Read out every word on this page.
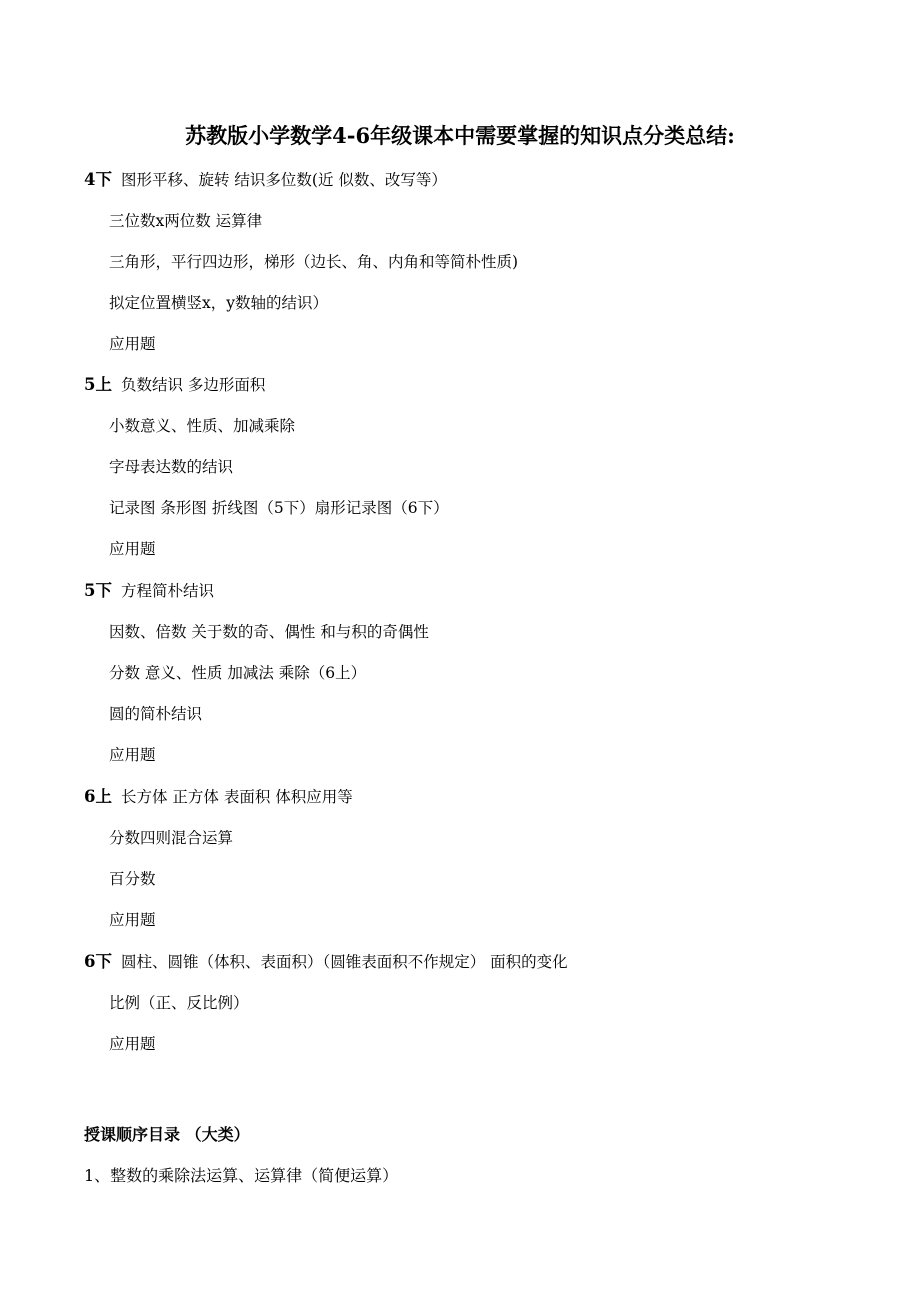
苏教版小学数学4-6年级课本中需要掌握的知识点分类总结:
4下 图形平移、旋转 结识多位数(近 似数、改写等）
三位数x两位数 运算律
三角形，平行四边形，梯形（边长、角、内角和等简朴性质)
拟定位置横竖x，y数轴的结识）
应用题
5上 负数结识 多边形面积
小数意义、性质、加减乘除
字母表达数的结识
记录图 条形图 折线图（5下）扇形记录图（6下）
应用题
5下 方程简朴结识
因数、倍数 关于数的奇、偶性 和与积的奇偶性
分数 意义、性质 加减法 乘除（6上）
圆的简朴结识
应用题
6上 长方体 正方体 表面积 体积应用等
分数四则混合运算
百分数
应用题
6下 圆柱、圆锥（体积、表面积）（圆锥表面积不作规定） 面积的变化
比例（正、反比例）
应用题
授课顺序目录 （大类）
1、整数的乘除法运算、运算律（简便运算）
